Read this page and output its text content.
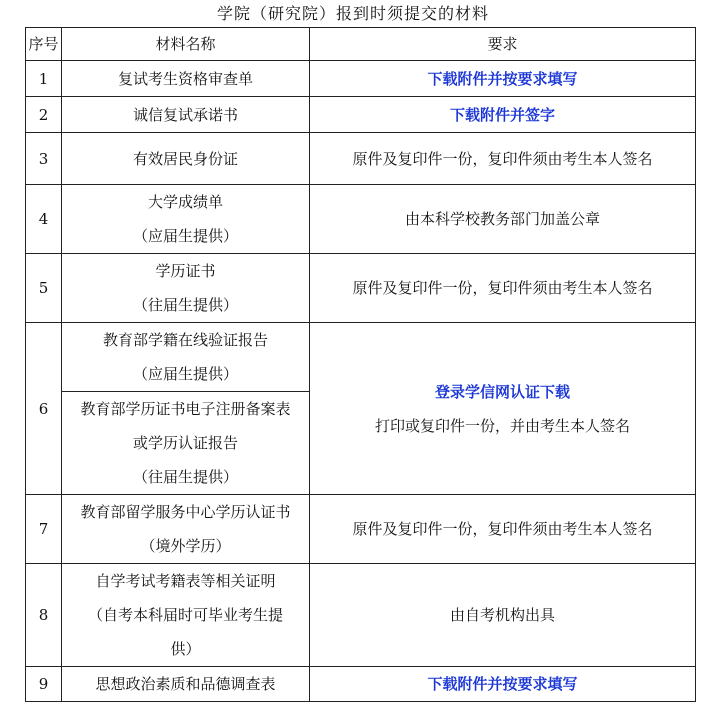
学院（研究院）报到时须提交的材料
序号	材料名称	要求
1	复试考生资格审查单	下载附件并按要求填写

2	诚信复试承诺书	下载附件并签字

3	有效居民身份证	原件及复印件一份，复印件须由考生本人签名

4	大学成绩单
（应届生提供）	由本科学校教务部门加盖公章

5	学历证书
（往届生提供）	原件及复印件一份，复印件须由考生本人签名

6	教育部学籍在线验证报告
（应届生提供）	登录学信网认证下载
打印或复印件一份，并由考生本人签名

	教育部学历证书电子注册备案表
或学历认证报告
（往届生提供）	

7	教育部留学服务中心学历认证书
（境外学历）	原件及复印件一份，复印件须由考生本人签名

8	自学考试考籍表等相关证明
（自考本科届时可毕业考生提
供）	由自考机构出具

9	思想政治素质和品德调查表	下载附件并按要求填写
